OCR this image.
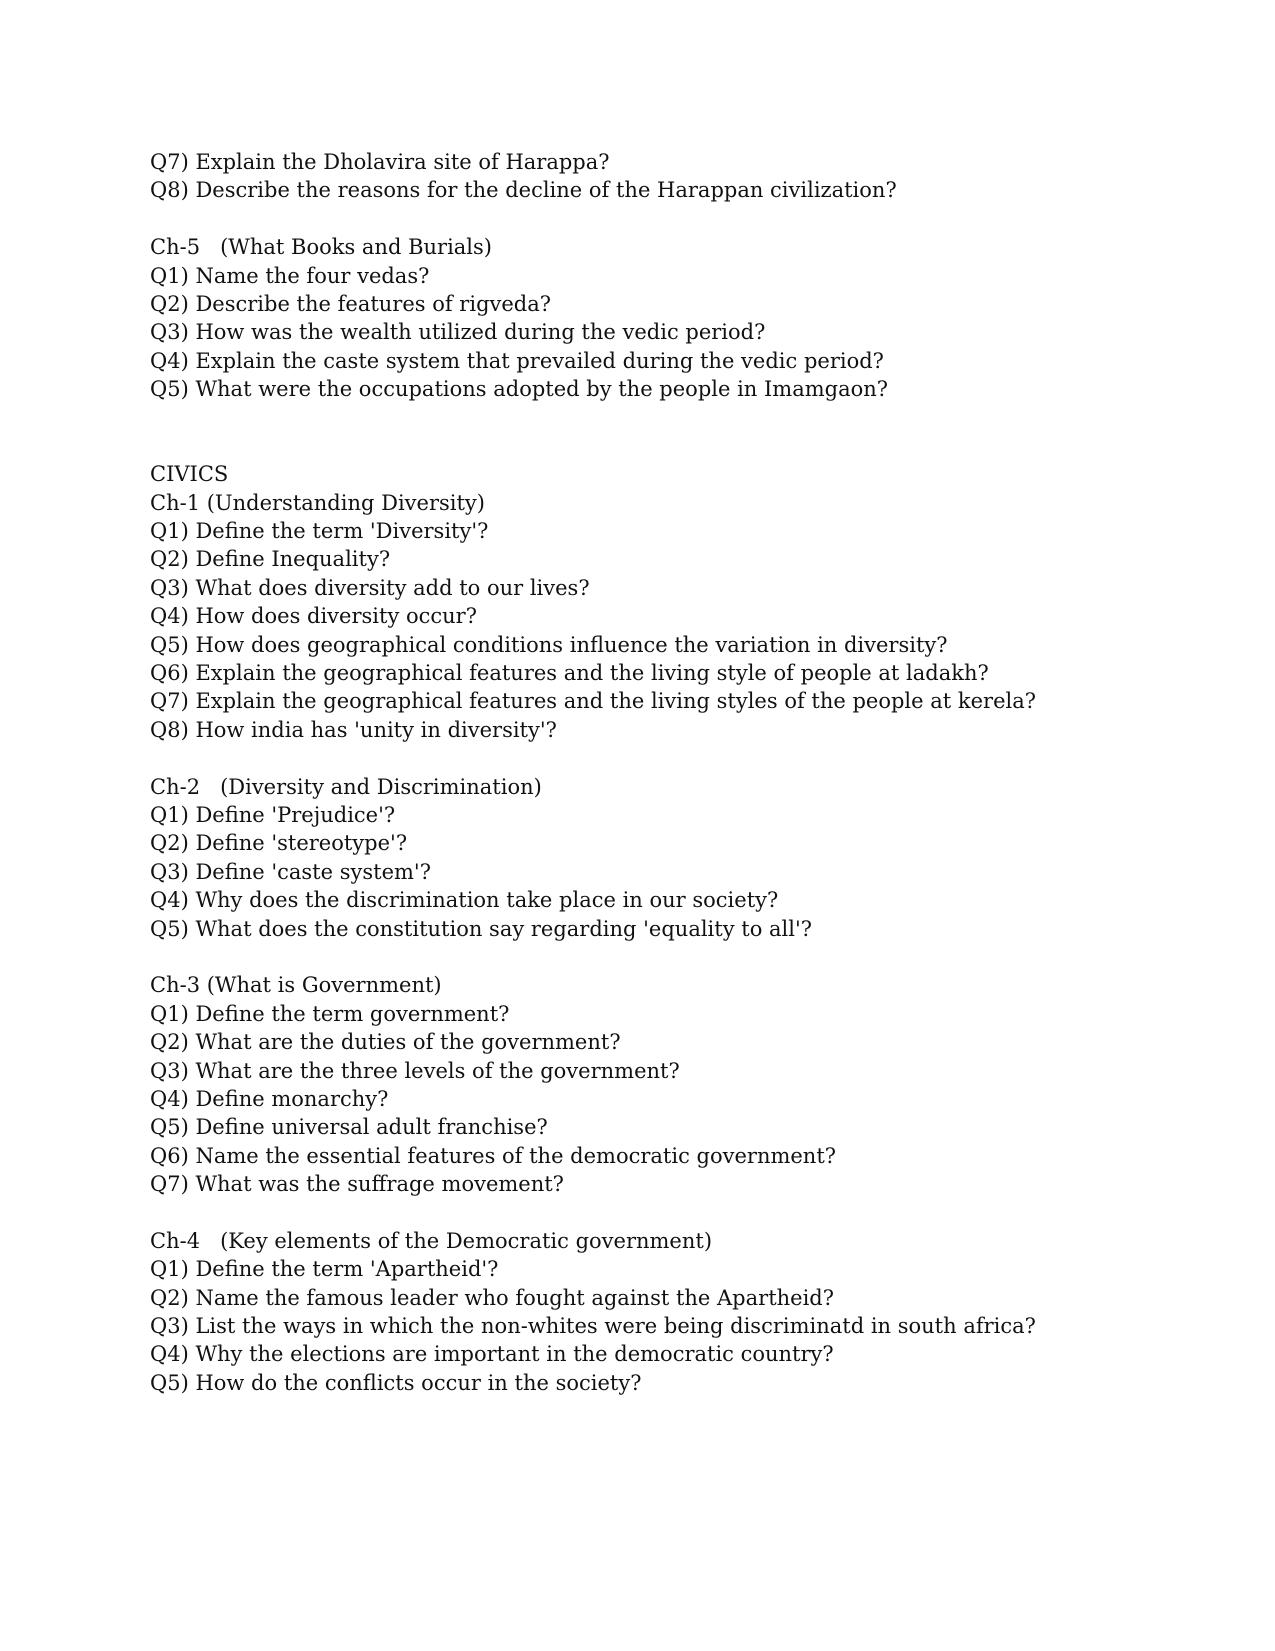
Q7) Explain the Dholavira site of Harappa?
Q8) Describe the reasons for the decline of the Harappan civilization?
Ch-5   (What Books and Burials)
Q1) Name the four vedas?
Q2) Describe the features of rigveda?
Q3) How was the wealth utilized during the vedic period?
Q4) Explain the caste system that prevailed during the vedic period?
Q5) What were the occupations adopted by the people in Imamgaon?
CIVICS
Ch-1 (Understanding Diversity)
Q1) Define the term 'Diversity'?
Q2) Define Inequality?
Q3) What does diversity add to our lives?
Q4) How does diversity occur?
Q5) How does geographical conditions influence the variation in diversity?
Q6) Explain the geographical features and the living style of people at ladakh?
Q7) Explain the geographical features and the living styles of the people at kerela?
Q8) How india has 'unity in diversity'?
Ch-2   (Diversity and Discrimination)
Q1) Define 'Prejudice'?
Q2) Define 'stereotype'?
Q3) Define 'caste system'?
Q4) Why does the discrimination take place in our society?
Q5) What does the constitution say regarding 'equality to all'?
Ch-3 (What is Government)
Q1) Define the term government?
Q2) What are the duties of the government?
Q3) What are the three levels of the government?
Q4) Define monarchy?
Q5) Define universal adult franchise?
Q6) Name the essential features of the democratic government?
Q7) What was the suffrage movement?
Ch-4   (Key elements of the Democratic government)
Q1) Define the term 'Apartheid'?
Q2) Name the famous leader who fought against the Apartheid?
Q3) List the ways in which the non-whites were being discriminatd in south africa?
Q4) Why the elections are important in the democratic country?
Q5) How do the conflicts occur in the society?
